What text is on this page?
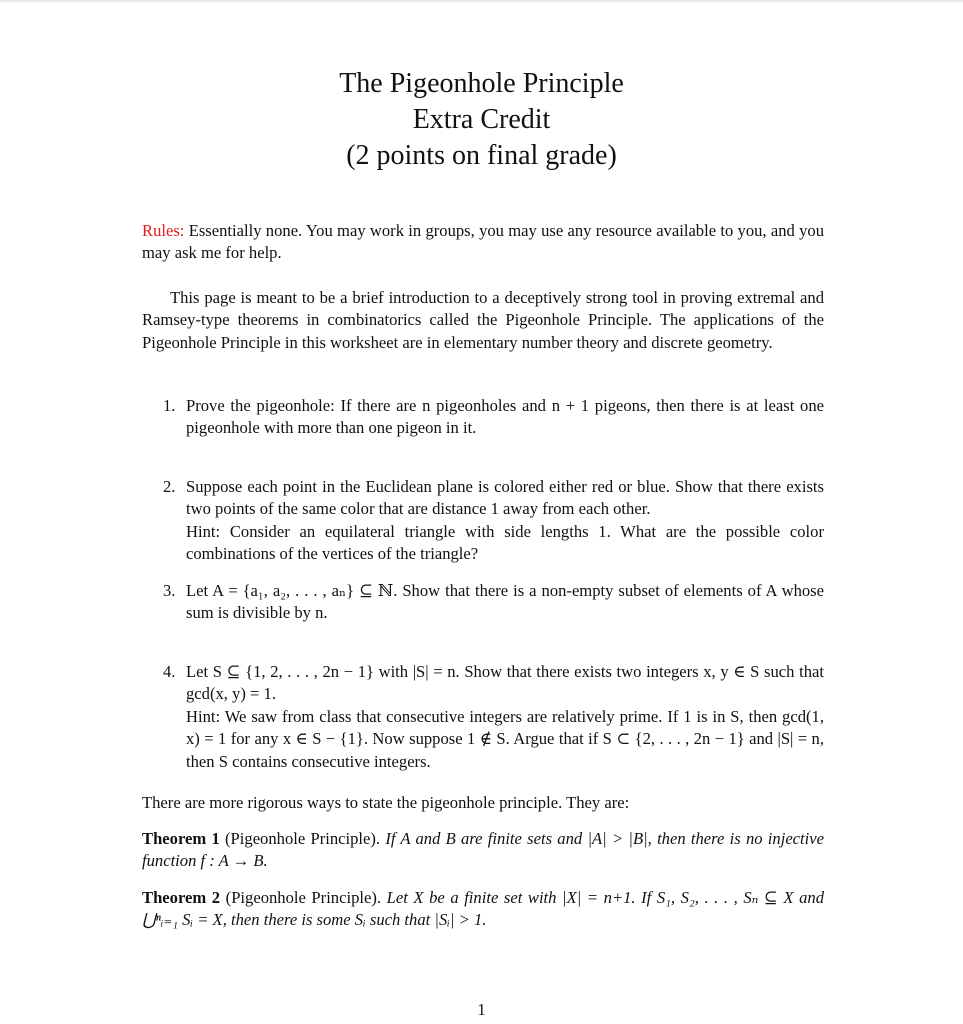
The Pigeonhole Principle
Extra Credit
(2 points on final grade)
Rules: Essentially none. You may work in groups, you may use any resource available to you, and you may ask me for help.
This page is meant to be a brief introduction to a deceptively strong tool in proving extremal and Ramsey-type theorems in combinatorics called the Pigeonhole Principle. The applications of the Pigeonhole Principle in this worksheet are in elementary number theory and discrete geometry.
1. Prove the pigeonhole: If there are n pigeonholes and n + 1 pigeons, then there is at least one pigeonhole with more than one pigeon in it.
2. Suppose each point in the Euclidean plane is colored either red or blue. Show that there exists two points of the same color that are distance 1 away from each other.
Hint: Consider an equilateral triangle with side lengths 1. What are the possible color combinations of the vertices of the triangle?
3. Let A = {a₁, a₂, . . . , aₙ} ⊆ ℕ. Show that there is a non-empty subset of elements of A whose sum is divisible by n.
4. Let S ⊆ {1, 2, . . . , 2n − 1} with |S| = n. Show that there exists two integers x, y ∈ S such that gcd(x, y) = 1.
Hint: We saw from class that consecutive integers are relatively prime. If 1 is in S, then gcd(1, x) = 1 for any x ∈ S − {1}. Now suppose 1 ∉ S. Argue that if S ⊂ {2, . . . , 2n − 1} and |S| = n, then S contains consecutive integers.
There are more rigorous ways to state the pigeonhole principle. They are:
Theorem 1 (Pigeonhole Principle). If A and B are finite sets and |A| > |B|, then there is no injective function f : A → B.
Theorem 2 (Pigeonhole Principle). Let X be a finite set with |X| = n+1. If S₁, S₂, . . . , Sₙ ⊆ X and ⋃ⁿᵢ₌₁ Sᵢ = X, then there is some Sᵢ such that |Sᵢ| > 1.
1
